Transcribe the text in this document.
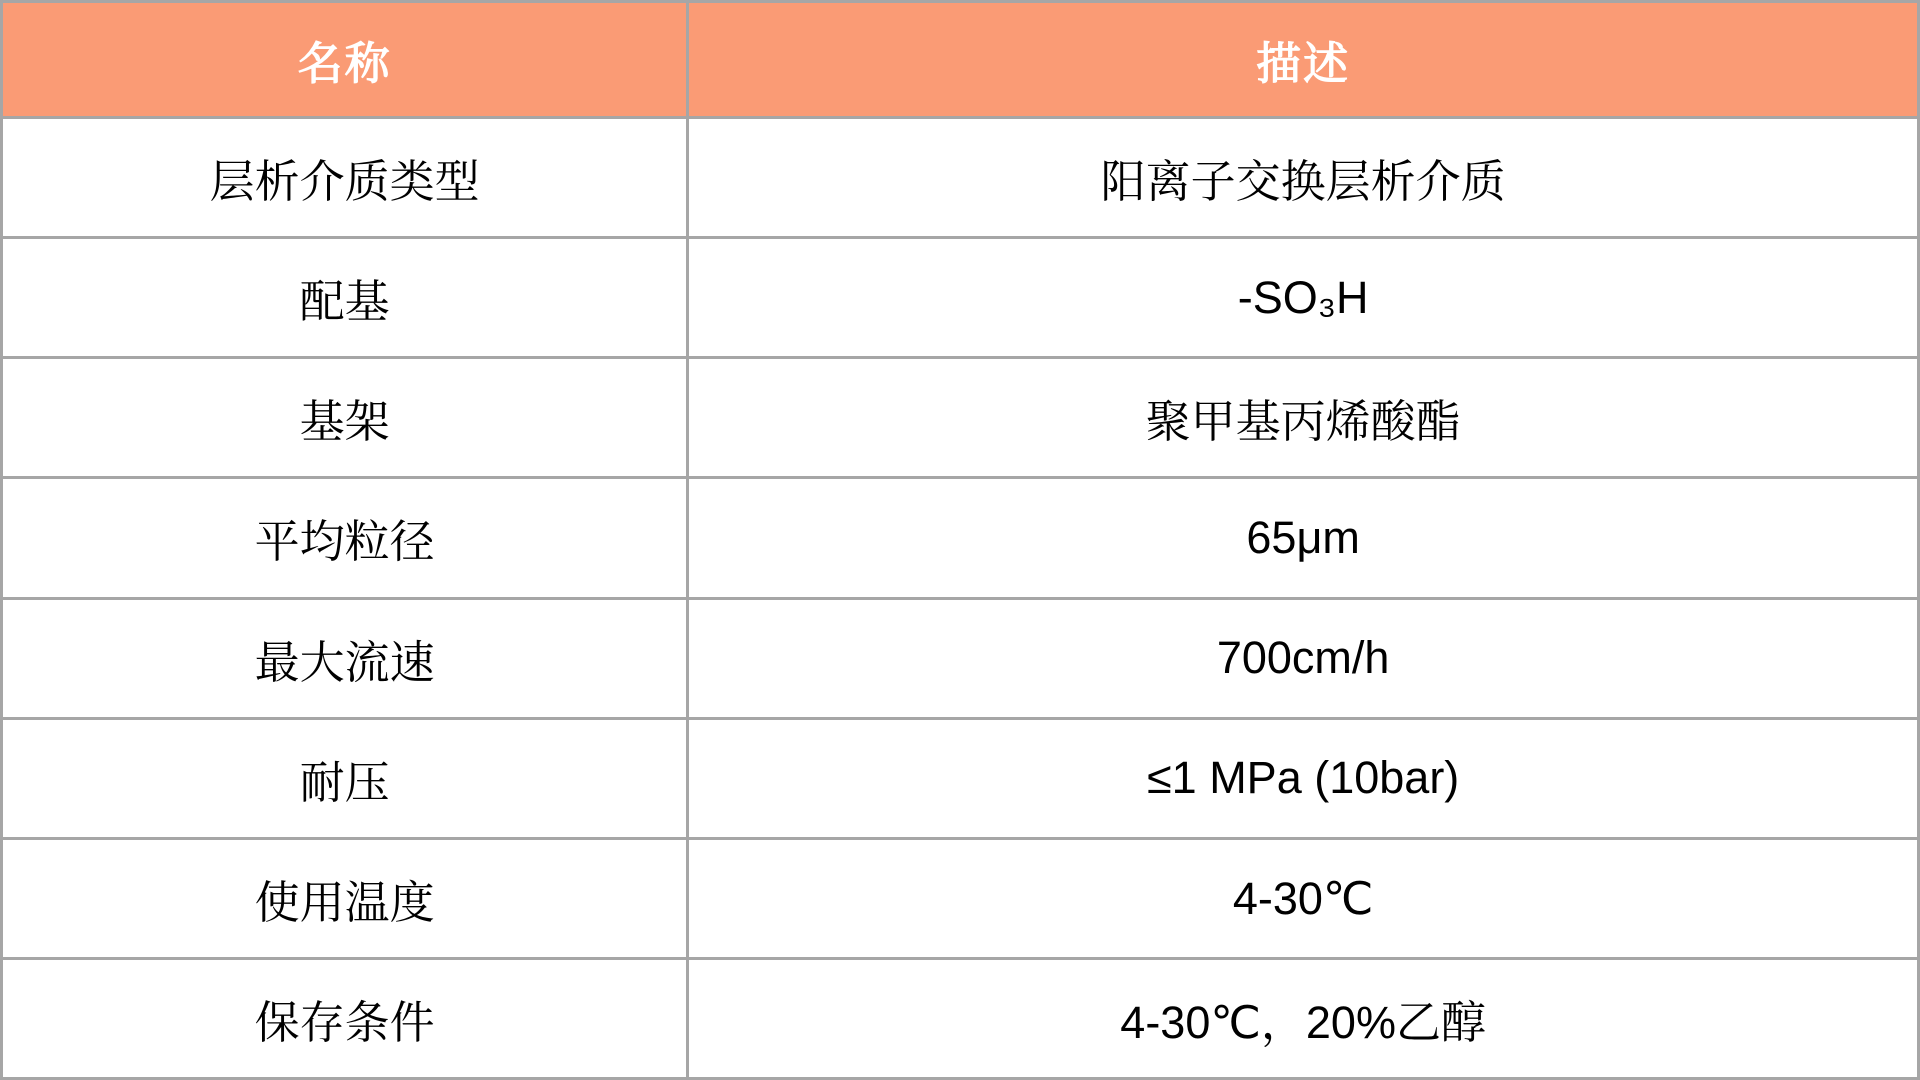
名称	描述
层析介质类型	阳离子交换层析介质
配基	-SO₃H
基架	聚甲基丙烯酸酯
平均粒径	65μm
最大流速	700cm/h
耐压	≤1 MPa (10bar)
使用温度	4-30℃
保存条件	4-30℃，20%乙醇
